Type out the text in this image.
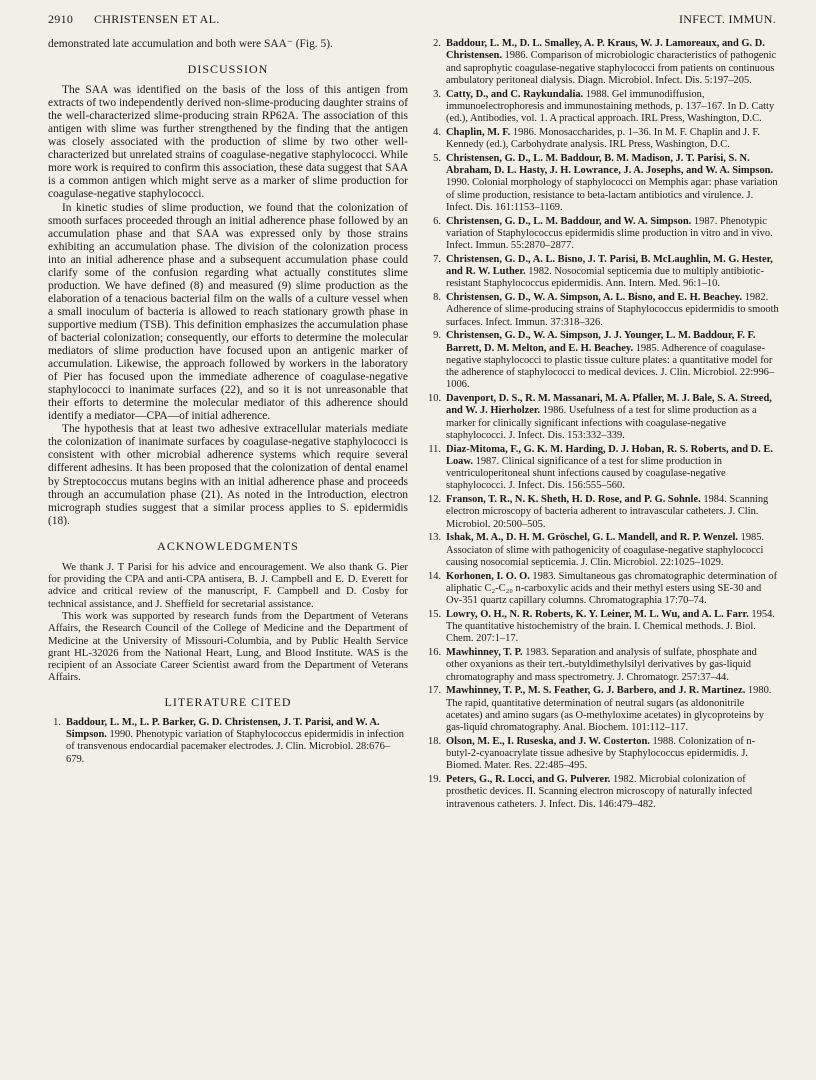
2910 CHRISTENSEN ET AL.	INFECT. IMMUN.

demonstrated late accumulation and both were SAA⁻ (Fig. 5).

DISCUSSION

The SAA was identified on the basis of the loss of this antigen from extracts of two independently derived non-slime-producing daughter strains of the well-characterized slime-producing strain RP62A. The association of this antigen with slime was further strengthened by the finding that the antigen was closely associated with the production of slime by two other well-characterized but unrelated strains of coagulase-negative staphylococci. While more work is required to confirm this association, these data suggest that SAA is a common antigen which might serve as a marker of slime production for coagulase-negative staphylococci.

In kinetic studies of slime production, we found that the colonization of smooth surfaces proceeded through an initial adherence phase followed by an accumulation phase and that SAA was expressed only by those strains exhibiting an accumulation phase. The division of the colonization process into an initial adherence phase and a subsequent accumulation phase could clarify some of the confusion regarding what actually constitutes slime production. We have defined (8) and measured (9) slime production as the elaboration of a tenacious bacterial film on the walls of a culture vessel when a small inoculum of bacteria is allowed to reach stationary growth phase in supportive medium (TSB). This definition emphasizes the accumulation phase of bacterial colonization; consequently, our efforts to determine the molecular mediators of slime production have focused upon an antigenic marker of accumulation. Likewise, the approach followed by workers in the laboratory of Pier has focused upon the immediate adherence of coagulase-negative staphylococci to inanimate surfaces (22), and so it is not unreasonable that their efforts to determine the molecular mediator of this adherence should identify a mediator—CPA—of initial adherence.

The hypothesis that at least two adhesive extracellular materials mediate the colonization of inanimate surfaces by coagulase-negative staphylococci is consistent with other microbial adherence systems which require several different adhesins. It has been proposed that the colonization of dental enamel by Streptococcus mutans begins with an initial adherence phase and proceeds through an accumulation phase (21). As noted in the Introduction, electron micrograph studies suggest that a similar process applies to S. epidermidis (18).

ACKNOWLEDGMENTS

We thank J. T Parisi for his advice and encouragement. We also thank G. Pier for providing the CPA and anti-CPA antisera, B. J. Campbell and E. D. Everett for advice and critical review of the manuscript, F. Campbell and D. Cosby for technical assistance, and J. Sheffield for secretarial assistance.

This work was supported by research funds from the Department of Veterans Affairs, the Research Council of the College of Medicine and the Department of Medicine at the University of Missouri-Columbia, and by Public Health Service grant HL-32026 from the National Heart, Lung, and Blood Institute. WAS is the recipient of an Associate Career Scientist award from the Department of Veterans Affairs.

LITERATURE CITED
1. Baddour, L. M., L. P. Barker, G. D. Christensen, J. T. Parisi, and W. A. Simpson. 1990. Phenotypic variation of Staphylococcus epidermidis in infection of transvenous endocardial pacemaker electrodes. J. Clin. Microbiol. 28:676–679.
2. Baddour, L. M., D. L. Smalley, A. P. Kraus, W. J. Lamoreaux, and G. D. Christensen. 1986. Comparison of microbiologic characteristics of pathogenic and saprophytic coagulase-negative staphylococci from patients on continuous ambulatory peritoneal dialysis. Diagn. Microbiol. Infect. Dis. 5:197–205.
3. Catty, D., and C. Raykundalia. 1988. Gel immunodiffusion, immunoelectrophoresis and immunostaining methods, p. 137–167. In D. Catty (ed.), Antibodies, vol. 1. A practical approach. IRL Press, Washington, D.C.
4. Chaplin, M. F. 1986. Monosaccharides, p. 1–36. In M. F. Chaplin and J. F. Kennedy (ed.), Carbohydrate analysis. IRL Press, Washington, D.C.
5. Christensen, G. D., L. M. Baddour, B. M. Madison, J. T. Parisi, S. N. Abraham, D. L. Hasty, J. H. Lowrance, J. A. Josephs, and W. A. Simpson. 1990. Colonial morphology of staphylococci on Memphis agar: phase variation of slime production, resistance to beta-lactam antibiotics and virulence. J. Infect. Dis. 161:1153–1169.
6. Christensen, G. D., L. M. Baddour, and W. A. Simpson. 1987. Phenotypic variation of Staphylococcus epidermidis slime production in vitro and in vivo. Infect. Immun. 55:2870–2877.
7. Christensen, G. D., A. L. Bisno, J. T. Parisi, B. McLaughlin, M. G. Hester, and R. W. Luther. 1982. Nosocomial septicemia due to multiply antibiotic-resistant Staphylococcus epidermidis. Ann. Intern. Med. 96:1–10.
8. Christensen, G. D., W. A. Simpson, A. L. Bisno, and E. H. Beachey. 1982. Adherence of slime-producing strains of Staphylococcus epidermidis to smooth surfaces. Infect. Immun. 37:318–326.
9. Christensen, G. D., W. A. Simpson, J. J. Younger, L. M. Baddour, F. F. Barrett, D. M. Melton, and E. H. Beachey. 1985. Adherence of coagulase-negative staphylococci to plastic tissue culture plates: a quantitative model for the adherence of staphylococci to medical devices. J. Clin. Microbiol. 22:996–1006.
10. Davenport, D. S., R. M. Massanari, M. A. Pfaller, M. J. Bale, S. A. Streed, and W. J. Hierholzer. 1986. Usefulness of a test for slime production as a marker for clinically significant infections with coagulase-negative staphylococci. J. Infect. Dis. 153:332–339.
11. Diaz-Mitoma, F., G. K. M. Harding, D. J. Hoban, R. S. Roberts, and D. E. Loaw. 1987. Clinical significance of a test for slime production in ventriculoperitoneal shunt infections caused by coagulase-negative staphylococci. J. Infect. Dis. 156:555–560.
12. Franson, T. R., N. K. Sheth, H. D. Rose, and P. G. Sohnle. 1984. Scanning electron microscopy of bacteria adherent to intravascular catheters. J. Clin. Microbiol. 20:500–505.
13. Ishak, M. A., D. H. M. Gröschel, G. L. Mandell, and R. P. Wenzel. 1985. Associaton of slime with pathogenicity of coagulase-negative staphylococci causing nosocomial septicemia. J. Clin. Microbiol. 22:1025–1029.
14. Korhonen, I. O. O. 1983. Simultaneous gas chromatographic determination of aliphatic C₂-C₂₀ n-carboxylic acids and their methyl esters using SE-30 and Ov-351 quartz capillary columns. Chromatographia 17:70–74.
15. Lowry, O. H., N. R. Roberts, K. Y. Leiner, M. L. Wu, and A. L. Farr. 1954. The quantitative histochemistry of the brain. I. Chemical methods. J. Biol. Chem. 207:1–17.
16. Mawhinney, T. P. 1983. Separation and analysis of sulfate, phosphate and other oxyanions as their tert.-butyldimethylsilyl derivatives by gas-liquid chromatography and mass spectrometry. J. Chromatogr. 257:37–44.
17. Mawhinney, T. P., M. S. Feather, G. J. Barbero, and J. R. Martinez. 1980. The rapid, quantitative determination of neutral sugars (as aldononitrile acetates) and amino sugars (as O-methyloxime acetates) in glycoproteins by gas-liquid chromatography. Anal. Biochem. 101:112–117.
18. Olson, M. E., I. Ruseska, and J. W. Costerton. 1988. Colonization of n-butyl-2-cyanoacrylate tissue adhesive by Staphylococcus epidermidis. J. Biomed. Mater. Res. 22:485–495.
19. Peters, G., R. Locci, and G. Pulverer. 1982. Microbial colonization of prosthetic devices. II. Scanning electron microscopy of naturally infected intravenous catheters. J. Infect. Dis. 146:479–482.
